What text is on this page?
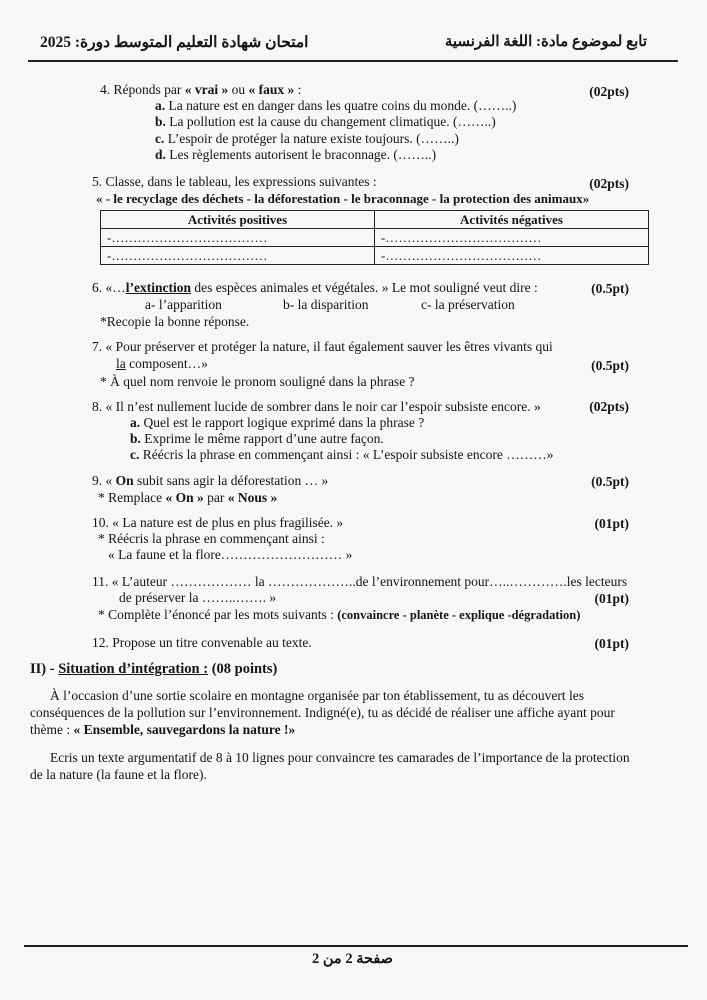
تابع لموضوع مادة: اللغة الفرنسية
امتحان شهادة التعليم المتوسط دورة: 2025
4. Réponds par « vrai » ou « faux » :	(02pts)
a. La nature est en danger dans les quatre coins du monde. (……..)
b. La pollution est la cause du changement climatique. (……..)
c. L’espoir de protéger la nature existe toujours. (……..)
d. Les règlements autorisent le braconnage. (……..)
5. Classe, dans le tableau, les expressions suivantes :	(02pts)
« - le recyclage des déchets - la déforestation - le braconnage - la protection des animaux»
Activités positives	Activités négatives
-………………………………	-………………………………
-………………………………	-………………………………
6. «…l’extinction des espèces animales et végétales. » Le mot souligné veut dire :	(0.5pt)
a- l’apparition	b- la disparition	c- la préservation
*Recopie la bonne réponse.
7. « Pour préserver et protéger la nature, il faut également sauver les êtres vivants qui
la composent…»	(0.5pt)
* À quel nom renvoie le pronom souligné dans la phrase ?
8. « Il n’est nullement lucide de sombrer dans le noir car l’espoir subsiste encore. »	(02pts)
a. Quel est le rapport logique exprimé dans la phrase ?
b. Exprime le même rapport d’une autre façon.
c. Réécris la phrase en commençant ainsi : « L’espoir subsiste encore ………»
9. « On subit sans agir la déforestation … »	(0.5pt)
* Remplace « On » par « Nous »
10. « La nature est de plus en plus fragilisée. »	(01pt)
* Réécris la phrase en commençant ainsi :
« La faune et la flore……………………… »
11. « L’auteur ……………… la ………………..de l’environnement pour…..………….les lecteurs
de préserver la ……..……. »	(01pt)
* Complète l’énoncé par les mots suivants : (convaincre - planète - explique -dégradation)
12. Propose un titre convenable au texte.	(01pt)
II) - Situation d’intégration : (08 points)
À l’occasion d’une sortie scolaire en montagne organisée par ton établissement, tu as découvert les
conséquences de la pollution sur l’environnement. Indigné(e), tu as décidé de réaliser une affiche ayant pour
thème : « Ensemble, sauvegardons la nature !»
Ecris un texte argumentatif de 8 à 10 lignes pour convaincre tes camarades de l’importance de la protection
de la nature (la faune et la flore).
صفحة 2 من 2
